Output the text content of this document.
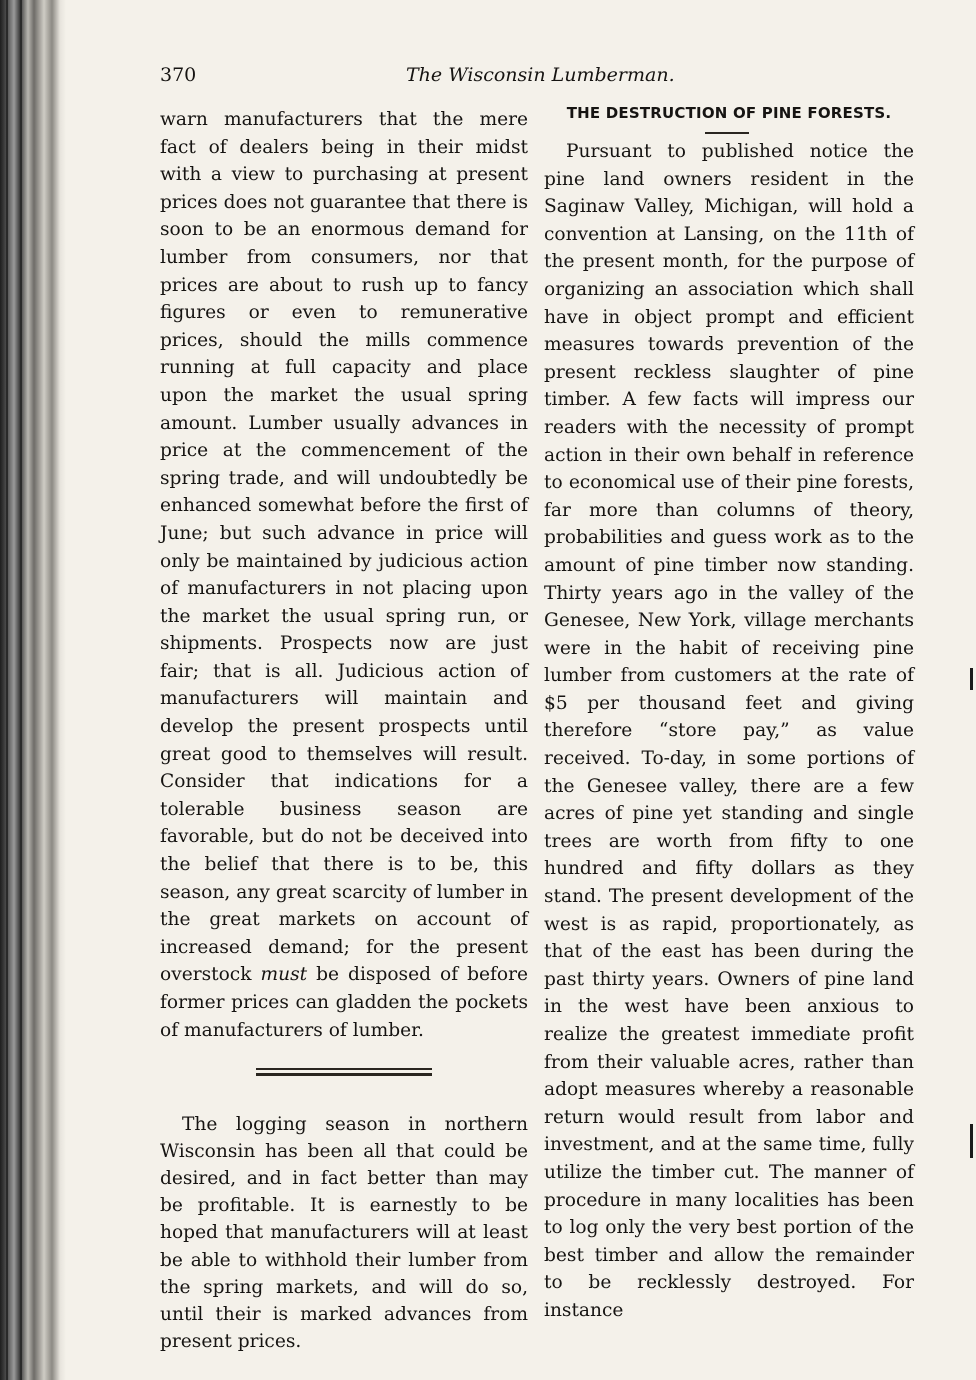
370	The Wisconsin Lumberman.

warn manufacturers that the mere fact of dealers being in their midst with a view to purchasing at present prices does not guarantee that there is soon to be an enormous demand for lumber from consumers, nor that prices are about to rush up to fancy figures or even to remunerative prices, should the mills commence running at full capacity and place upon the market the usual spring amount. Lumber usually advances in price at the commencement of the spring trade, and will undoubtedly be enhanced somewhat before the first of June; but such advance in price will only be maintained by judicious action of manufacturers in not placing upon the market the usual spring run, or shipments. Prospects now are just fair; that is all. Judicious action of manufacturers will maintain and develop the present prospects until great good to themselves will result. Consider that indications for a tolerable business season are favorable, but do not be deceived into the belief that there is to be, this season, any great scarcity of lumber in the great markets on account of increased demand; for the present overstock must be disposed of before former prices can gladden the pockets of manufacturers of lumber.

The logging season in northern Wisconsin has been all that could be desired, and in fact better than may be profitable. It is earnestly to be hoped that manufacturers will at least be able to withhold their lumber from the spring markets, and will do so, until their is marked advances from present prices.

THE DESTRUCTION OF PINE FORESTS.

Pursuant to published notice the pine land owners resident in the Saginaw Valley, Michigan, will hold a convention at Lansing, on the 11th of the present month, for the purpose of organizing an association which shall have in object prompt and efficient measures towards prevention of the present reckless slaughter of pine timber. A few facts will impress our readers with the necessity of prompt action in their own behalf in reference to economical use of their pine forests, far more than columns of theory, probabilities and guess work as to the amount of pine timber now standing. Thirty years ago in the valley of the Genesee, New York, village merchants were in the habit of receiving pine lumber from customers at the rate of $5 per thousand feet and giving therefore “store pay,” as value received. To-day, in some portions of the Genesee valley, there are a few acres of pine yet standing and single trees are worth from fifty to one hundred and fifty dollars as they stand. The present development of the west is as rapid, proportionately, as that of the east has been during the past thirty years. Owners of pine land in the west have been anxious to realize the greatest immediate profit from their valuable acres, rather than adopt measures whereby a reasonable return would result from labor and investment, and at the same time, fully utilize the timber cut. The manner of procedure in many localities has been to log only the very best portion of the best timber and allow the remainder to be recklessly destroyed. For instance
